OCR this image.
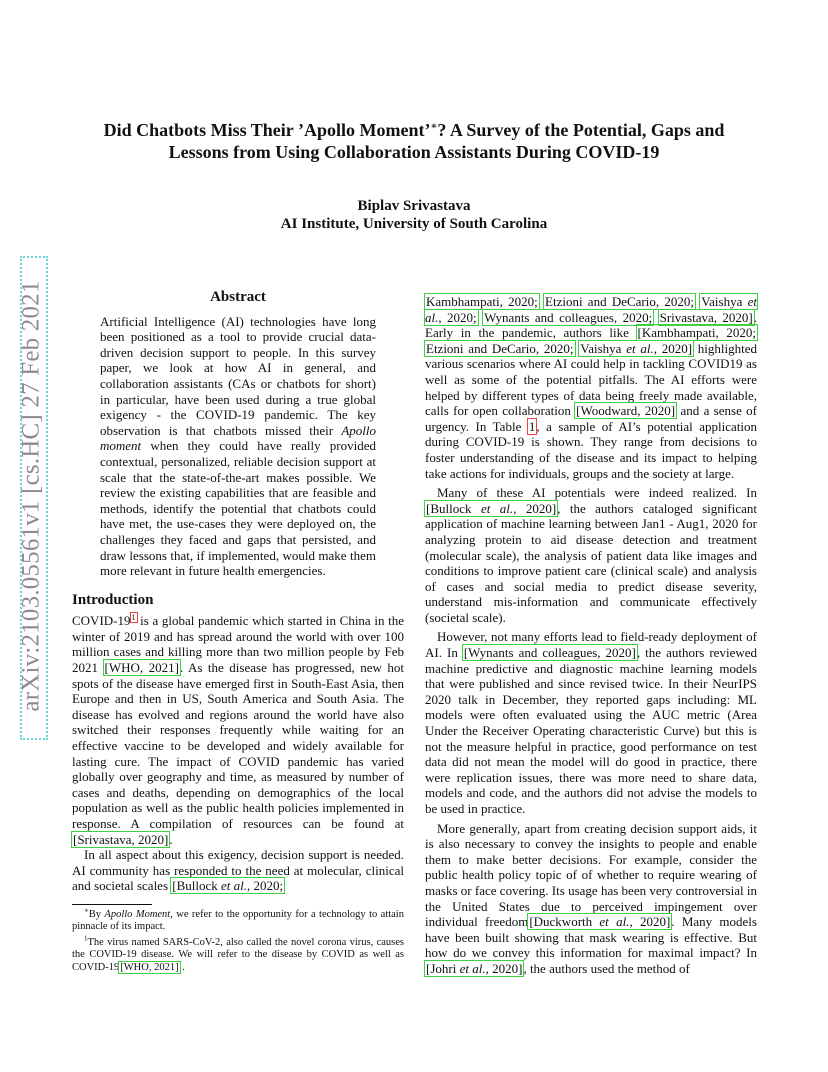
arXiv:2103.05561v1 [cs.HC] 27 Feb 2021
Did Chatbots Miss Their ’Apollo Moment’∗? A Survey of the Potential, Gaps and
Lessons from Using Collaboration Assistants During COVID-19
Biplav Srivastava
AI Institute, University of South Carolina
Abstract

Artificial Intelligence (AI) technologies have long been positioned as a tool to provide crucial data-driven decision support to people. In this survey paper, we look at how AI in general, and collaboration assistants (CAs or chatbots for short) in particular, have been used during a true global exigency - the COVID-19 pandemic. The key observation is that chatbots missed their Apollo moment when they could have really provided contextual, personalized, reliable decision support at scale that the state-of-the-art makes possible. We review the existing capabilities that are feasible and methods, identify the potential that chatbots could have met, the use-cases they were deployed on, the challenges they faced and gaps that persisted, and draw lessons that, if implemented, would make them more relevant in future health emergencies.

Introduction

COVID-19$^1$ is a global pandemic which started in China in the winter of 2019 and has spread around the world with over 100 million cases and killing more than two million people by Feb 2021 [WHO, 2021]. As the disease has progressed, new hot spots of the disease have emerged first in South-East Asia, then Europe and then in US, South America and South Asia. The disease has evolved and regions around the world have also switched their responses frequently while waiting for an effective vaccine to be developed and widely available for lasting cure. The impact of COVID pandemic has varied globally over geography and time, as measured by number of cases and deaths, depending on demographics of the local population as well as the public health policies implemented in response. A compilation of resources can be found at [Srivastava, 2020].

In all aspect about this exigency, decision support is needed. AI community has responded to the need at molecular, clinical and societal scales [Bullock et al., 2020;

∗By Apollo Moment, we refer to the opportunity for a technology to attain pinnacle of its impact.

$^1$The virus named SARS-CoV-2, also called the novel corona virus, causes the COVID-19 disease. We will refer to the disease by COVID as well as COVID-19[WHO, 2021] .

Kambhampati, 2020; Etzioni and DeCario, 2020; Vaishya et al., 2020; Wynants and colleagues, 2020; Srivastava, 2020]. Early in the pandemic, authors like [Kambhampati, 2020; Etzioni and DeCario, 2020; Vaishya et al., 2020] highlighted various scenarios where AI could help in tackling COVID19 as well as some of the potential pitfalls. The AI efforts were helped by different types of data being freely made available, calls for open collaboration [Woodward, 2020] and a sense of urgency. In Table 1, a sample of AI’s potential application during COVID-19 is shown. They range from decisions to foster understanding of the disease and its impact to helping take actions for individuals, groups and the society at large.

Many of these AI potentials were indeed realized. In [Bullock et al., 2020], the authors cataloged significant application of machine learning between Jan1 - Aug1, 2020 for analyzing protein to aid disease detection and treatment (molecular scale), the analysis of patient data like images and conditions to improve patient care (clinical scale) and analysis of cases and social media to predict disease severity, understand mis-information and communicate effectively (societal scale).

However, not many efforts lead to field-ready deployment of AI. In [Wynants and colleagues, 2020], the authors reviewed machine predictive and diagnostic machine learning models that were published and since revised twice. In their NeurIPS 2020 talk in December, they reported gaps including: ML models were often evaluated using the AUC metric (Area Under the Receiver Operating characteristic Curve) but this is not the measure helpful in practice, good performance on test data did not mean the model will do good in practice, there were replication issues, there was more need to share data, models and code, and the authors did not advise the models to be used in practice.

More generally, apart from creating decision support aids, it is also necessary to convey the insights to people and enable them to make better decisions. For example, consider the public health policy topic of of whether to require wearing of masks or face covering. Its usage has been very controversial in the United States due to perceived impingement over individual freedom[Duckworth et al., 2020]. Many models have been built showing that mask wearing is effective. But how do we convey this information for maximal impact? In [Johri et al., 2020], the authors used the method of
